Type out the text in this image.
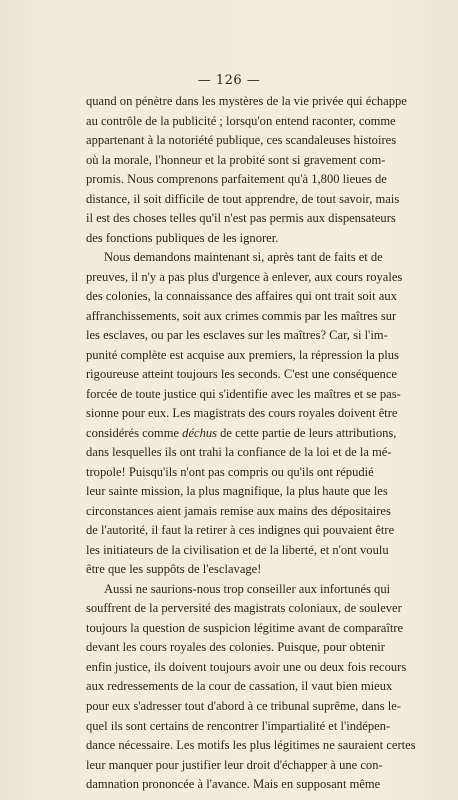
— 126 —
quand on pénètre dans les mystères de la vie privée qui échappe
au contrôle de la publicité ; lorsqu'on entend raconter, comme
appartenant à la notoriété publique, ces scandaleuses histoires
où la morale, l'honneur et la probité sont si gravement com-
promis. Nous comprenons parfaitement qu'à 1,800 lieues de
distance, il soit difficile de tout apprendre, de tout savoir, mais
il est des choses telles qu'il n'est pas permis aux dispensateurs
des fonctions publiques de les ignorer.
Nous demandons maintenant si, après tant de faits et de
preuves, il n'y a pas plus d'urgence à enlever, aux cours royales
des colonies, la connaissance des affaires qui ont trait soit aux
affranchissements, soit aux crimes commis par les maîtres sur
les esclaves, ou par les esclaves sur les maîtres? Car, si l'im-
punité complète est acquise aux premiers, la répression la plus
rigoureuse atteint toujours les seconds. C'est une conséquence
forcée de toute justice qui s'identifie avec les maîtres et se pas-
sionne pour eux. Les magistrats des cours royales doivent être
considérés comme déchus de cette partie de leurs attributions,
dans lesquelles ils ont trahi la confiance de la loi et de la mé-
tropole! Puisqu'ils n'ont pas compris ou qu'ils ont répudié
leur sainte mission, la plus magnifique, la plus haute que les
circonstances aient jamais remise aux mains des dépositaires
de l'autorité, il faut la retirer à ces indignes qui pouvaient être
les initiateurs de la civilisation et de la liberté, et n'ont voulu
être que les suppôts de l'esclavage!
Aussi ne saurions-nous trop conseiller aux infortunés qui
souffrent de la perversité des magistrats coloniaux, de soulever
toujours la question de suspicion légitime avant de comparaître
devant les cours royales des colonies. Puisque, pour obtenir
enfin justice, ils doivent toujours avoir une ou deux fois recours
aux redressements de la cour de cassation, il vaut bien mieux
pour eux s'adresser tout d'abord à ce tribunal suprême, dans le-
quel ils sont certains de rencontrer l'impartialité et l'indépen-
dance nécessaire. Les motifs les plus légitimes ne sauraient certes
leur manquer pour justifier leur droit d'échapper à une con-
damnation prononcée à l'avance. Mais en supposant même
